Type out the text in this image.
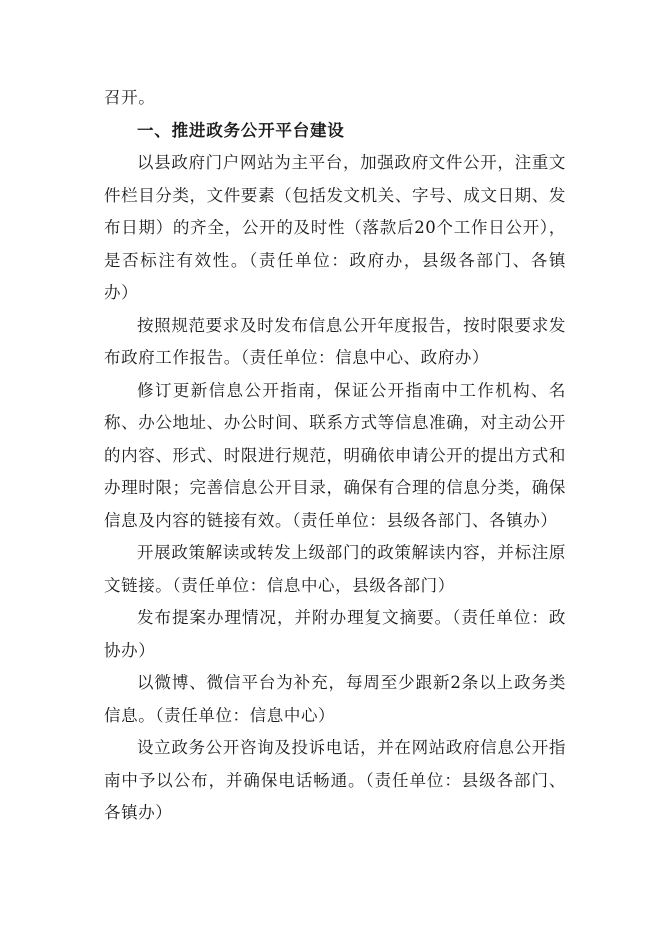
召开。

一、推进政务公开平台建设

以县政府门户网站为主平台，加强政府文件公开，注重文件栏目分类，文件要素（包括发文机关、字号、成文日期、发布日期）的齐全，公开的及时性（落款后20个工作日公开），是否标注有效性。（责任单位：政府办，县级各部门、各镇办）

按照规范要求及时发布信息公开年度报告，按时限要求发布政府工作报告。（责任单位：信息中心、政府办）

修订更新信息公开指南，保证公开指南中工作机构、名称、办公地址、办公时间、联系方式等信息准确，对主动公开的内容、形式、时限进行规范，明确依申请公开的提出方式和办理时限；完善信息公开目录，确保有合理的信息分类，确保信息及内容的链接有效。（责任单位：县级各部门、各镇办）

开展政策解读或转发上级部门的政策解读内容，并标注原文链接。（责任单位：信息中心，县级各部门）

发布提案办理情况，并附办理复文摘要。（责任单位：政协办）

以微博、微信平台为补充，每周至少跟新2条以上政务类信息。（责任单位：信息中心）

设立政务公开咨询及投诉电话，并在网站政府信息公开指南中予以公布，并确保电话畅通。（责任单位：县级各部门、各镇办）
